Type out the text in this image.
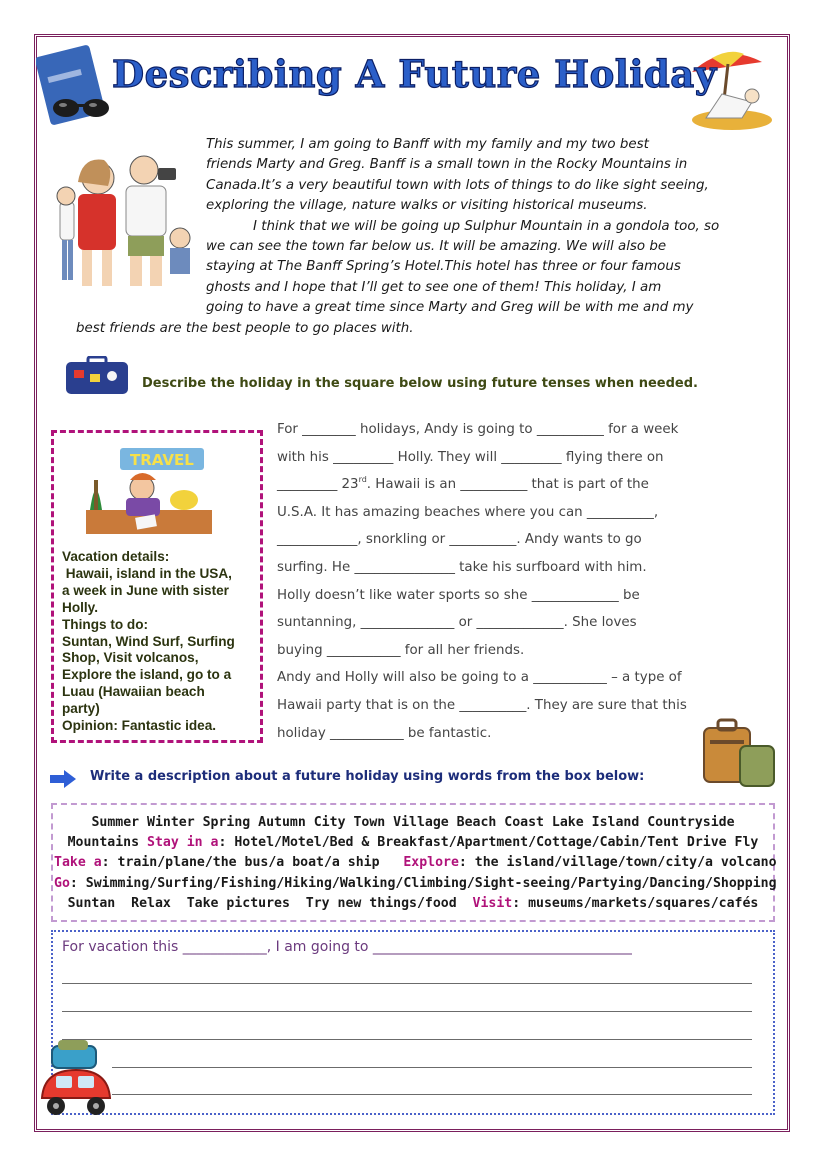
Describing A Future Holiday

This summer, I am going to Banff with my family and my two best

friends Marty and Greg. Banff is a small town in the Rocky Mountains in

Canada.It’s a very beautiful town with lots of things to do like sight seeing,

exploring the village, nature walks or visiting historical museums.

I think that we will be going up Sulphur Mountain in a gondola too, so

we can see the town far below us. It will be amazing. We will also be

staying at The Banff Spring’s Hotel.This hotel has three or four famous

ghosts and I hope that I’ll get to see one of them! This holiday, I am

going to have a great time since Marty and Greg will be with me and my

best friends are the best people to go places with.

Describe the holiday in the square below using future tenses when needed.
TRAVEL
Vacation details:
Hawaii, island in the USA,
a week in June with sister
Holly.
Things to do:
Suntan, Wind Surf, Surfing
Shop, Visit volcanos,
Explore the island, go to a
Luau (Hawaiian beach
party)
Opinion: Fantastic idea.
For ________ holidays, Andy is going to __________ for a week
with his _________ Holly. They will _________ flying there on
_________ 23rd. Hawaii is an __________ that is part of the
U.S.A. It has amazing beaches where you can __________,
____________, snorkling or __________. Andy wants to go
surfing. He _______________ take his surfboard with him.
Holly doesn’t like water sports so she _____________ be
suntanning, ______________ or _____________. She loves
buying ___________ for all her friends.
Andy and Holly will also be going to a ___________ – a type of
Hawaii party that is on the __________. They are sure that this
holiday ___________ be fantastic.
Write a description about a future holiday using words from the box below:
Summer Winter Spring Autumn City Town Village Beach Coast Lake Island Countryside
Mountains Stay in a: Hotel/Motel/Bed & Breakfast/Apartment/Cottage/Cabin/Tent Drive Fly
Take a: train/plane/the bus/a boat/a ship   Explore: the island/village/town/city/a volcano
Go: Swimming/Surfing/Fishing/Hiking/Walking/Climbing/Sight-seeing/Partying/Dancing/Shopping
Suntan  Relax  Take pictures  Try new things/food  Visit: museums/markets/squares/cafés
For vacation this ____________, I am going to _____________________________________
